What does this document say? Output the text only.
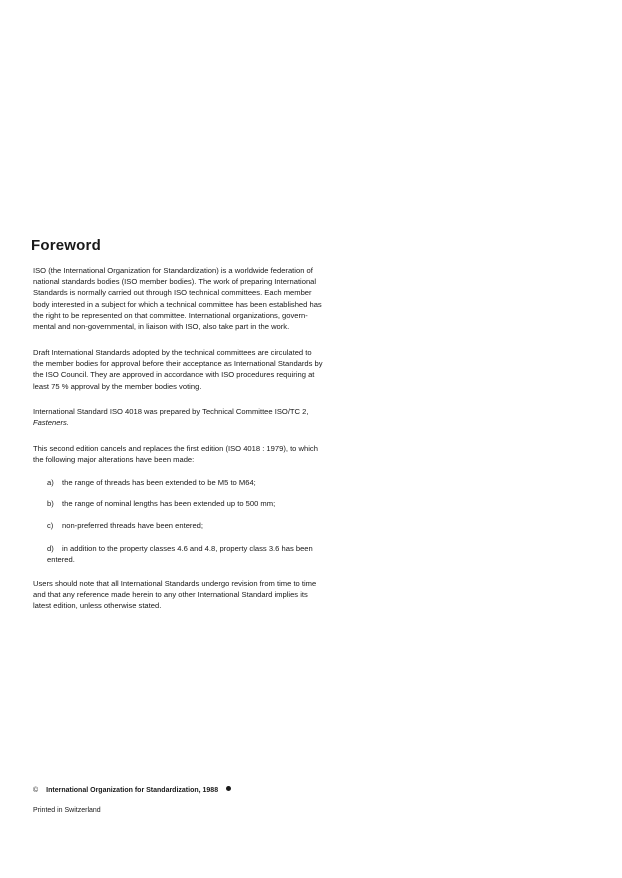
Foreword
ISO (the International Organization for Standardization) is a worldwide federation of
national standards bodies (ISO member bodies). The work of preparing International
Standards is normally carried out through ISO technical committees. Each member
body interested in a subject for which a technical committee has been established has
the right to be represented on that committee. International organizations, govern-
mental and non-governmental, in liaison with ISO, also take part in the work.
Draft International Standards adopted by the technical committees are circulated to
the member bodies for approval before their acceptance as International Standards by
the ISO Council. They are approved in accordance with ISO procedures requiring at
least 75 % approval by the member bodies voting.
International Standard ISO 4018 was prepared by Technical Committee ISO/TC 2,
Fasteners.
This second edition cancels and replaces the first edition (ISO 4018 : 1979), to which
the following major alterations have been made:
a) the range of threads has been extended to be M5 to M64;
b) the range of nominal lengths has been extended up to 500 mm;
c) non-preferred threads have been entered;
d) in addition to the property classes 4.6 and 4.8, property class 3.6 has been
entered.
Users should note that all International Standards undergo revision from time to time
and that any reference made herein to any other International Standard implies its
latest edition, unless otherwise stated.
© International Organization for Standardization, 1988
Printed in Switzerland
